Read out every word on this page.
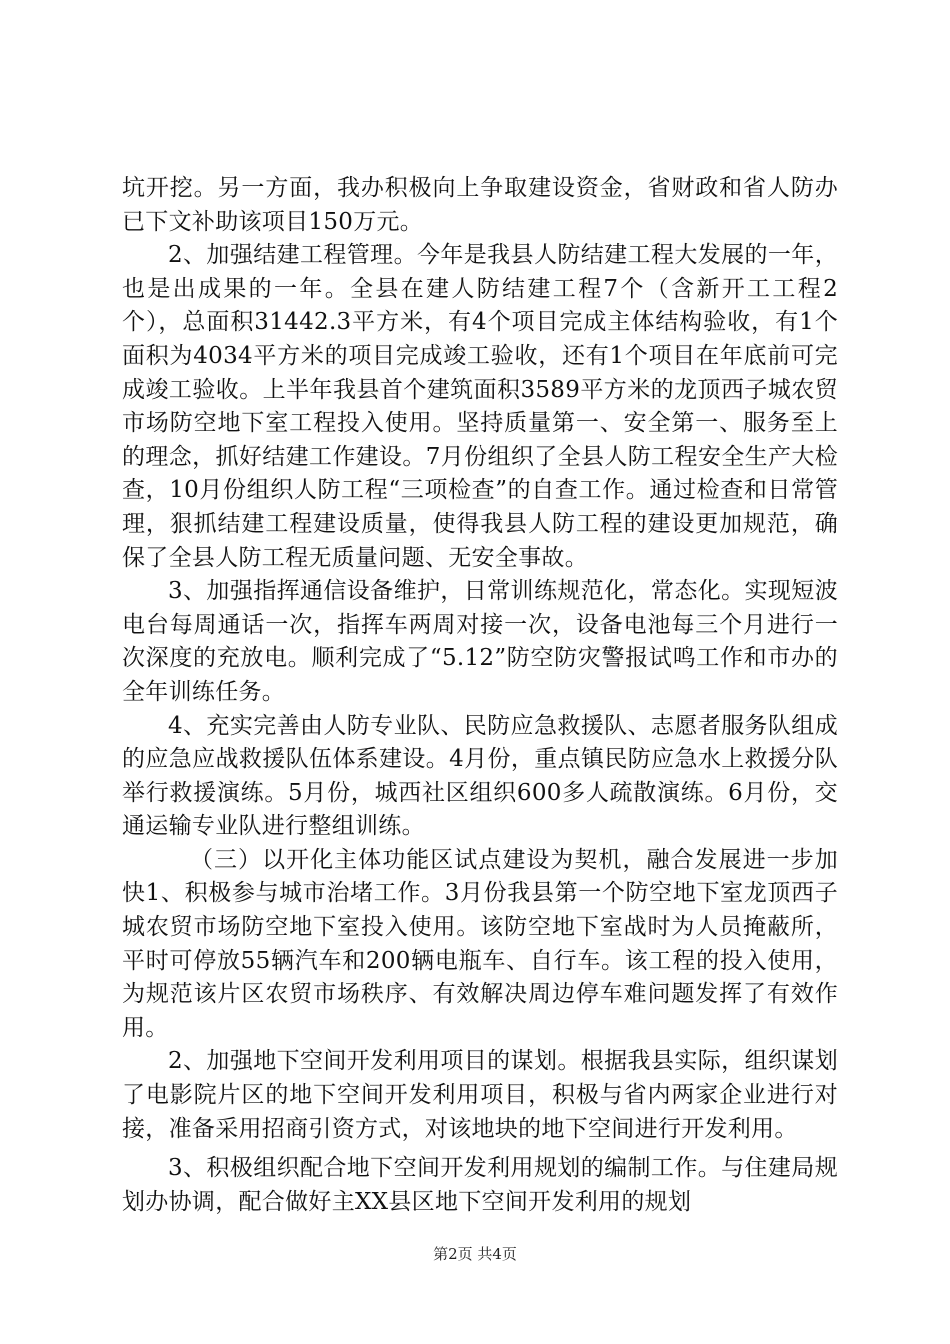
坑开挖。另一方面，我办积极向上争取建设资金，省财政和省人防办已下文补助该项目150万元。

2、加强结建工程管理。今年是我县人防结建工程大发展的一年，也是出成果的一年。全县在建人防结建工程7个（含新开工工程2个），总面积31442.3平方米，有4个项目完成主体结构验收，有1个面积为4034平方米的项目完成竣工验收，还有1个项目在年底前可完成竣工验收。上半年我县首个建筑面积3589平方米的龙顶西子城农贸市场防空地下室工程投入使用。坚持质量第一、安全第一、服务至上的理念，抓好结建工作建设。7月份组织了全县人防工程安全生产大检查，10月份组织人防工程“三项检查”的自查工作。通过检查和日常管理，狠抓结建工程建设质量，使得我县人防工程的建设更加规范，确保了全县人防工程无质量问题、无安全事故。

3、加强指挥通信设备维护，日常训练规范化，常态化。实现短波电台每周通话一次，指挥车两周对接一次，设备电池每三个月进行一次深度的充放电。顺利完成了“5.12”防空防灾警报试鸣工作和市办的全年训练任务。

4、充实完善由人防专业队、民防应急救援队、志愿者服务队组成的应急应战救援队伍体系建设。4月份，重点镇民防应急水上救援分队举行救援演练。5月份，城西社区组织600多人疏散演练。6月份，交通运输专业队进行整组训练。

（三）以开化主体功能区试点建设为契机，融合发展进一步加快1、积极参与城市治堵工作。3月份我县第一个防空地下室龙顶西子城农贸市场防空地下室投入使用。该防空地下室战时为人员掩蔽所，平时可停放55辆汽车和200辆电瓶车、自行车。该工程的投入使用，为规范该片区农贸市场秩序、有效解决周边停车难问题发挥了有效作用。

2、加强地下空间开发利用项目的谋划。根据我县实际，组织谋划了电影院片区的地下空间开发利用项目，积极与省内两家企业进行对接，准备采用招商引资方式，对该地块的地下空间进行开发利用。

3、积极组织配合地下空间开发利用规划的编制工作。与住建局规划办协调，配合做好主XX县区地下空间开发利用的规划

第2页 共4页
